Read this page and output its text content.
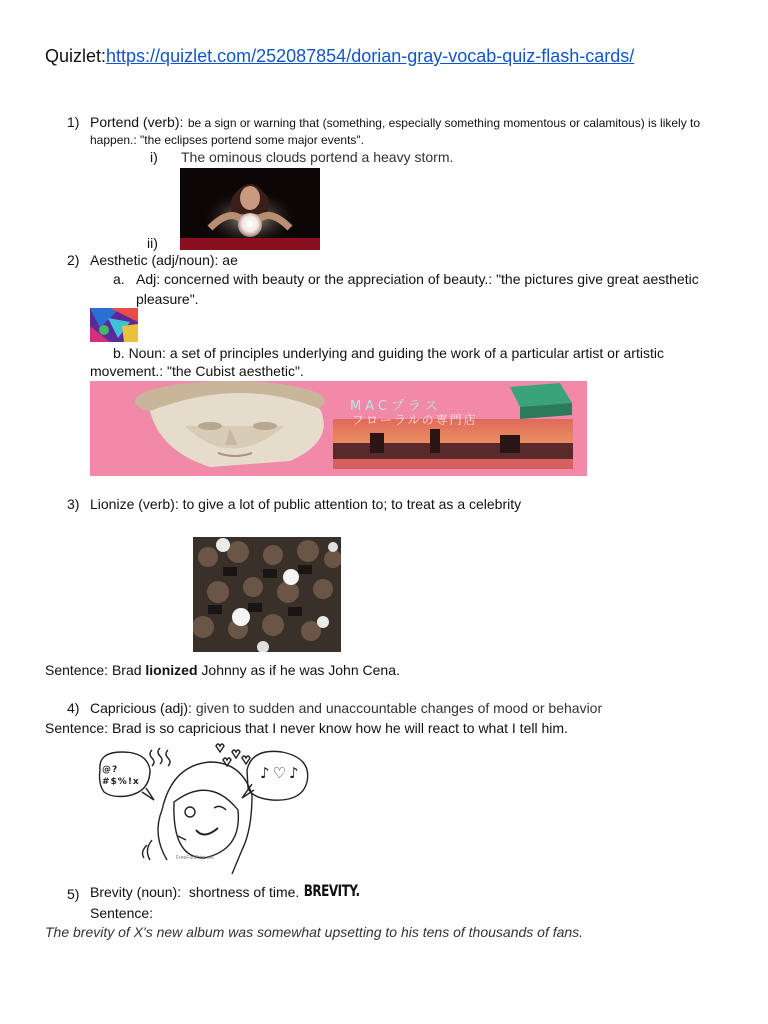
Quizlet:https://quizlet.com/252087854/dorian-gray-vocab-quiz-flash-cards/
1) Portend (verb): be a sign or warning that (something, especially something momentous or calamitous) is likely to
happen.: "the eclipses portend some major events".
i) The ominous clouds portend a heavy storm.
ii)
2) Aesthetic (adj/noun): ae
a. Adj: concerned with beauty or the appreciation of beauty.: "the pictures give great aesthetic
pleasure".
b. Noun: a set of principles underlying and guiding the work of a particular artist or artistic
movement.: "the Cubist aesthetic".
MACプラス
フローラルの専門店
3) Lionize (verb): to give a lot of public attention to; to treat as a celebrity
Sentence: Brad lionized Johnny as if he was John Cena.
4) Capricious (adj): given to sudden and unaccountable changes of mood or behavior
Sentence: Brad is so capricious that I never know how he will react to what I tell him.
@?#$%!x	♪♡♪
FreeFunPrint.net
5) Brevity (noun):  shortness of time. BREVITY.
Sentence:
The brevity of X's new album was somewhat upsetting to his tens of thousands of fans.
